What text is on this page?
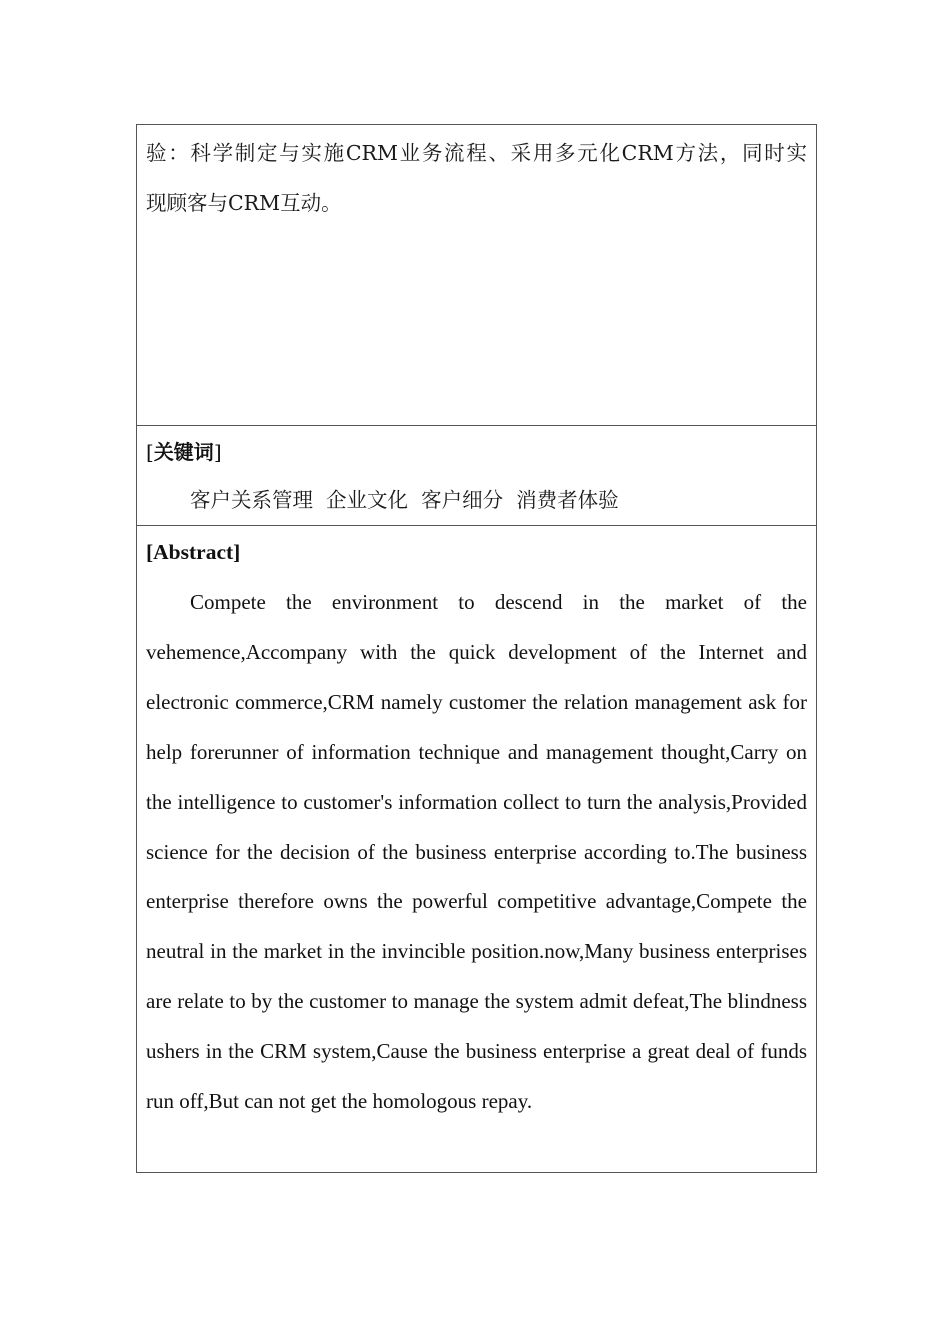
验：科学制定与实施CRM业务流程、采用多元化CRM方法，同时实

现顾客与CRM互动。

[关键词]

客户关系管理  企业文化  客户细分  消费者体验

[Abstract]

Compete the environment to descend in the market of the vehemence,Accompany with the quick development of the Internet and electronic commerce,CRM namely customer the relation management ask for help forerunner of information technique and management thought,Carry on the intelligence to customer's information collect to turn the analysis,Provided science for the decision of the business enterprise according to.The business enterprise therefore owns the powerful competitive advantage,Compete the neutral in the market in the invincible position.now,Many business enterprises are relate to by the customer to manage the system admit defeat,The blindness ushers in the CRM system,Cause the business enterprise a great deal of funds run off,But can not get the homologous repay.
